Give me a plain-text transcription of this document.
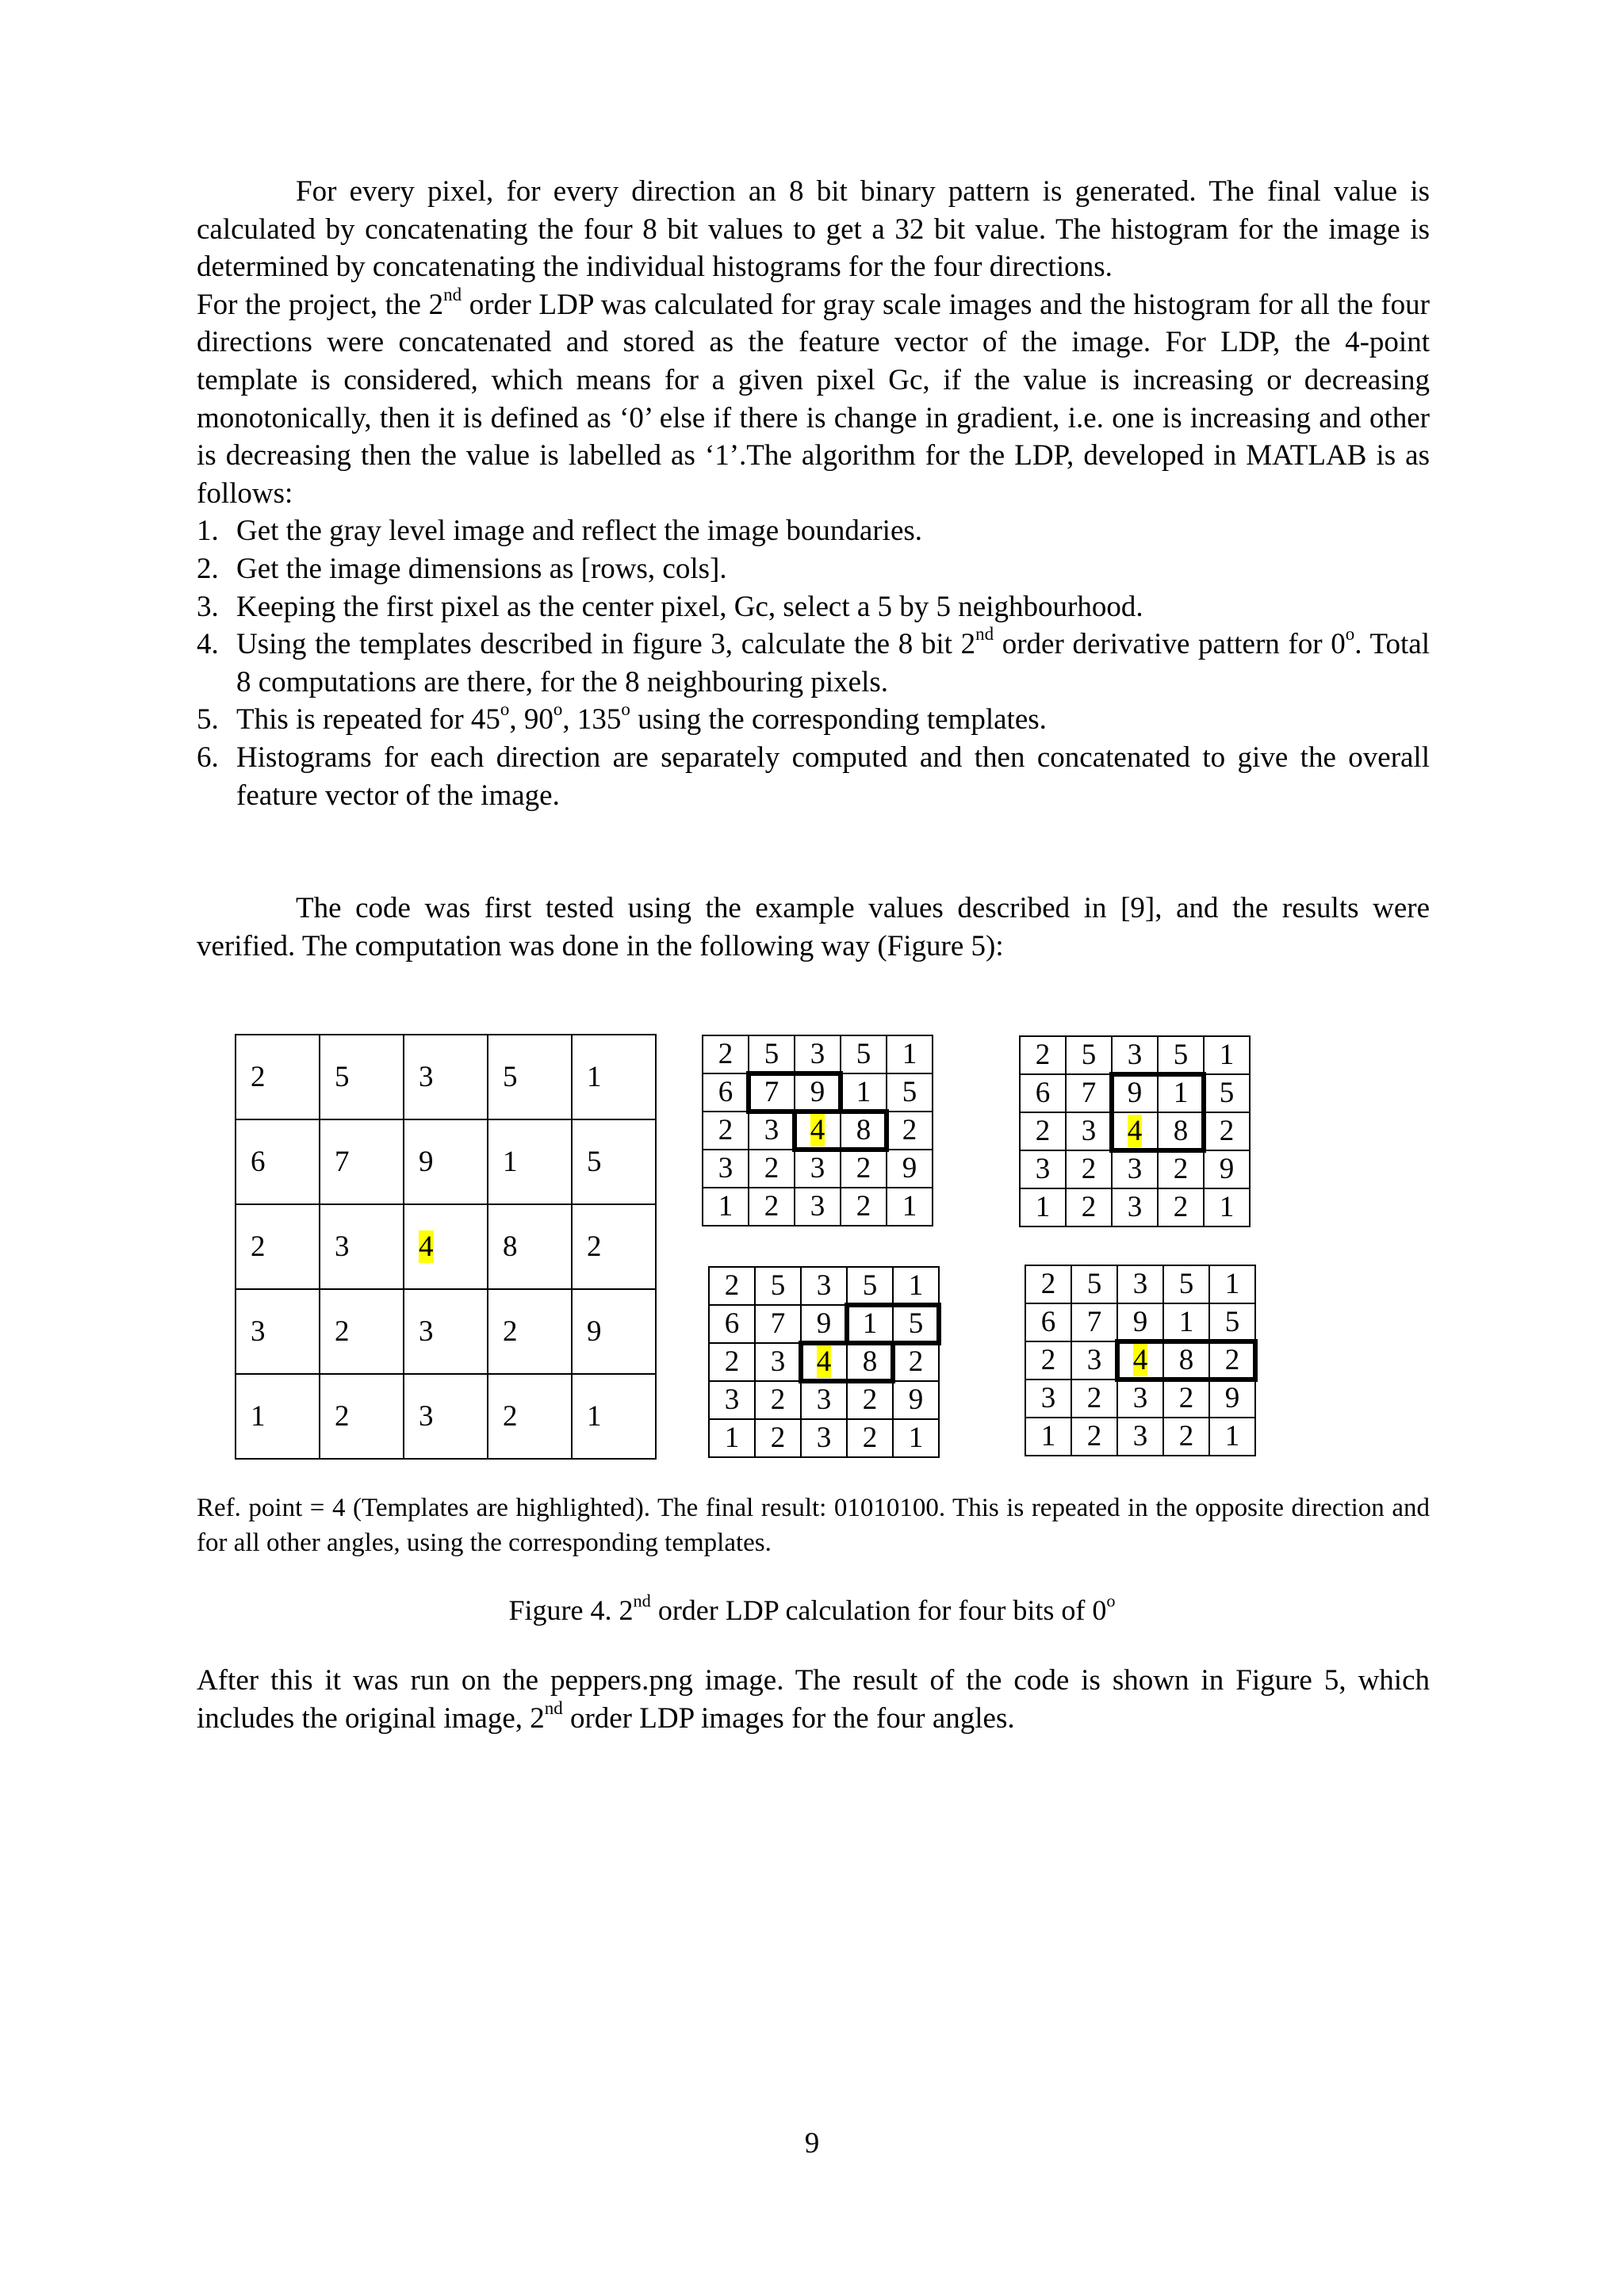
For every pixel, for every direction an 8 bit binary pattern is generated. The final value is calculated by concatenating the four 8 bit values to get a 32 bit value. The histogram for the image is determined by concatenating the individual histograms for the four directions.

For the project, the 2nd order LDP was calculated for gray scale images and the histogram for all the four directions were concatenated and stored as the feature vector of the image. For LDP, the 4-point template is considered, which means for a given pixel Gc, if the value is increasing or decreasing monotonically, then it is defined as ‘0’ else if there is change in gradient, i.e. one is increasing and other is decreasing then the value is labelled as ‘1’.The algorithm for the LDP, developed in MATLAB is as follows:

1. Get the gray level image and reflect the image boundaries.
2. Get the image dimensions as [rows, cols].
3. Keeping the first pixel as the center pixel, Gc, select a 5 by 5 neighbourhood.
4. Using the templates described in figure 3, calculate the 8 bit 2nd order derivative pattern for 0$^o$. Total 8 computations are there, for the 8 neighbouring pixels.
5. This is repeated for 45$^o$, 90$^o$, 135$^o$ using the corresponding templates.
6. Histograms for each direction are separately computed and then concatenated to give the overall feature vector of the image.

The code was first tested using the example values described in [9], and the results were verified. The computation was done in the following way (Figure 5):

2	5	3	5	1
6	7	9	1	5
2	3	4	8	2
3	2	3	2	9
1	2	3	2	1
2	5	3	5	1
6	7	9	1	5
2	3	4	8	2
3	2	3	2	9
1	2	3	2	1
2	5	3	5	1
6	7	9	1	5
2	3	4	8	2
3	2	3	2	9
1	2	3	2	1
2	5	3	5	1
6	7	9	1	5
2	3	4	8	2
3	2	3	2	9
1	2	3	2	1
2	5	3	5	1
6	7	9	1	5
2	3	4	8	2
3	2	3	2	9
1	2	3	2	1
Ref. point = 4 (Templates are highlighted). The final result: 01010100. This is repeated in the opposite direction and for all other angles, using the corresponding templates.
Figure 4. 2nd order LDP calculation for four bits of 0$^o$

After this it was run on the peppers.png image. The result of the code is shown in Figure 5, which includes the original image, 2nd order LDP images for the four angles.

9
